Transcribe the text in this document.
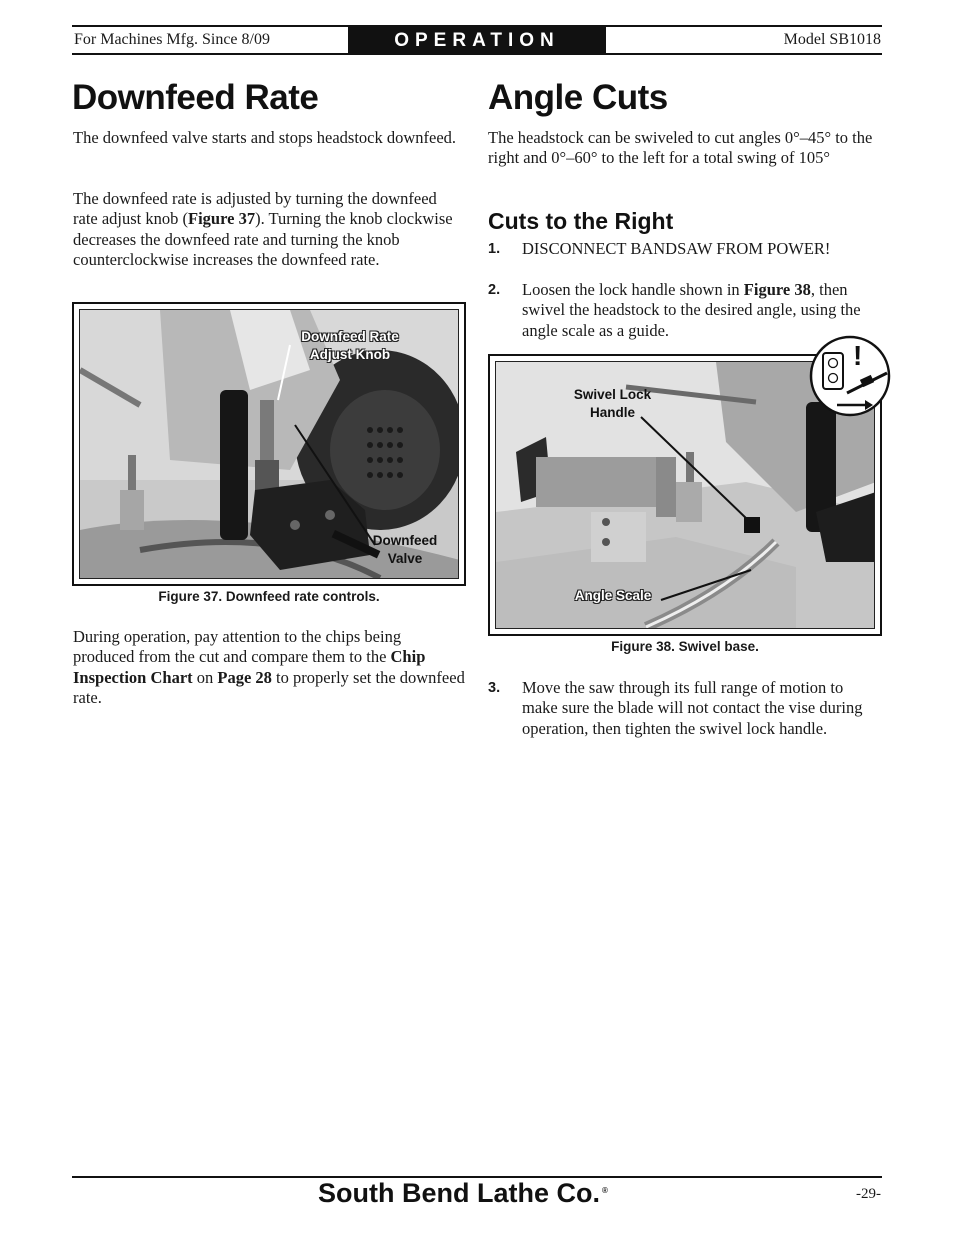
For Machines Mfg. Since 8/09	OPERATION	Model SB1018
Downfeed Rate

The downfeed valve starts and stops headstock downfeed.

The downfeed rate is adjusted by turning the downfeed rate adjust knob (Figure 37). Turning the knob clockwise decreases the downfeed rate and turning the knob counterclockwise increases the downfeed rate.

Downfeed Rate
Adjust Knob
Downfeed
Valve
Figure 37. Downfeed rate controls.

During operation, pay attention to the chips being produced from the cut and compare them to the Chip Inspection Chart on Page 28 to properly set the downfeed rate.

Angle Cuts

The headstock can be swiveled to cut angles 0°–45° to the right and 0°–60° to the left for a total swing of 105°

Cuts to the Right
1. DISCONNECT BANDSAW FROM POWER!

2. Loosen the lock handle shown in Figure 38, then swivel the headstock to the desired angle, using the angle scale as a guide.

Swivel Lock
Handle
Angle Scale
!
Figure 38. Swivel base.
3. Move the saw through its full range of motion to make sure the blade will not contact the vise during operation, then tighten the swivel lock handle.

South Bend Lathe Co. ®	-29-
